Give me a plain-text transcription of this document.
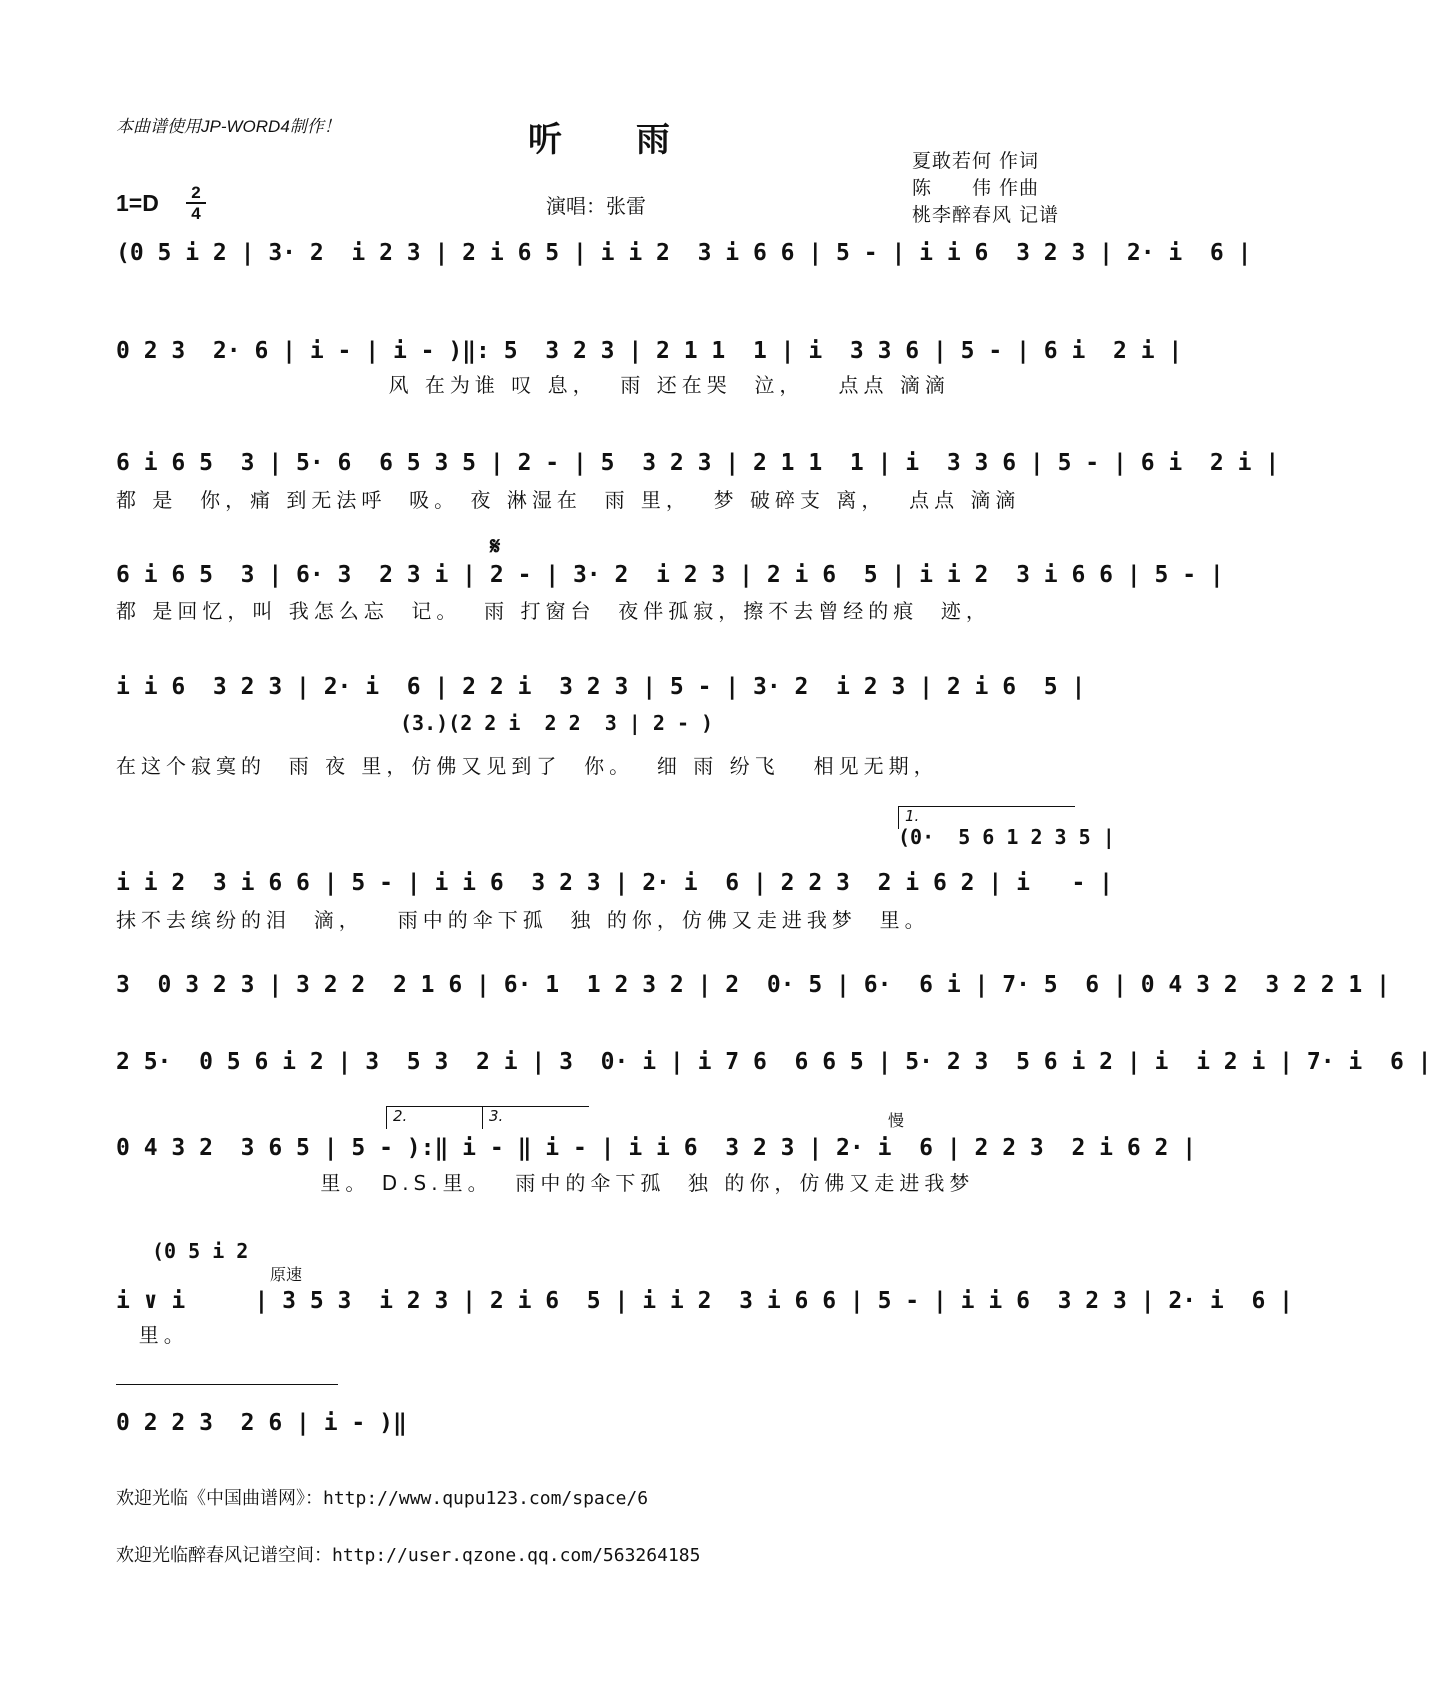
本曲谱使用JP-WORD4制作！	听　　雨
夏敢若何 作词
陈　　伟 作曲
桃李醉春风 记谱
1=D	2
4	演唱：张雷
(0 5 i 2 | 3· 2  i 2 3 | 2 i 6 5 | i i 2  3 i 6 6 | 5 - | i i 6  3 2 3 | 2· i  6 |
0 2 3  2· 6 | i - | i - )‖: 5  3 2 3 | 2 1 1  1 | i  3 3 6 | 5 - | 6 i  2 i |
风 在为谁 叹 息，  雨 还在哭  泣，   点点 滴滴
6 i 6 5  3 | 5· 6  6 5 3 5 | 2 - | 5  3 2 3 | 2 1 1  1 | i  3 3 6 | 5 - | 6 i  2 i |
都 是  你，痛 到无法呼  吸。 夜 淋湿在  雨 里，  梦 破碎支 离，  点点 滴滴
𝄋
6 i 6 5  3 | 6· 3  2 3 i | 2 - | 3· 2  i 2 3 | 2 i 6  5 | i i 2  3 i 6 6 | 5 - |
都 是回忆，叫 我怎么忘  记。  雨 打窗台  夜伴孤寂，擦不去曾经的痕  迹，
i i 6  3 2 3 | 2· i  6 | 2 2 i  3 2 3 | 5 - | 3· 2  i 2 3 | 2 i 6  5 |
(3.)(2 2 i  2 2  3 | 2 - )
在这个寂寞的  雨 夜 里，仿佛又见到了  你。  细 雨 纷飞   相见无期，
1.
(0·  5 6 1 2 3 5 |
i i 2  3 i 6 6 | 5 - | i i 6  3 2 3 | 2· i  6 | 2 2 3  2 i 6 2 | i   - |
抹不去缤纷的泪  滴，   雨中的伞下孤  独 的你，仿佛又走进我梦  里。
3  0 3 2 3 | 3 2 2  2 1 6 | 6· 1  1 2 3 2 | 2  0· 5 | 6·  6 i | 7· 5  6 | 0 4 3 2  3 2 2 1 |
2 5·  0 5 6 i 2 | 3  5 3  2 i | 3  0· i | i 7 6  6 6 5 | 5· 2 3  5 6 i 2 | i  i 2 i | 7· i  6 |
2.	3.	慢
0 4 3 2  3 6 5 | 5 - ):‖ i - ‖ i - | i i 6  3 2 3 | 2· i  6 | 2 2 3  2 i 6 2 |
里。 D.S.里。  雨中的伞下孤  独 的你，仿佛又走进我梦
(0 5 i 2
原速
i ∨ i     | 3 5 3  i 2 3 | 2 i 6  5 | i i 2  3 i 6 6 | 5 - | i i 6  3 2 3 | 2· i  6 |
里。
0 2 2 3  2 6 | i - )‖
欢迎光临《中国曲谱网》：http://www.qupu123.com/space/6
欢迎光临醉春风记谱空间：http://user.qzone.qq.com/563264185
